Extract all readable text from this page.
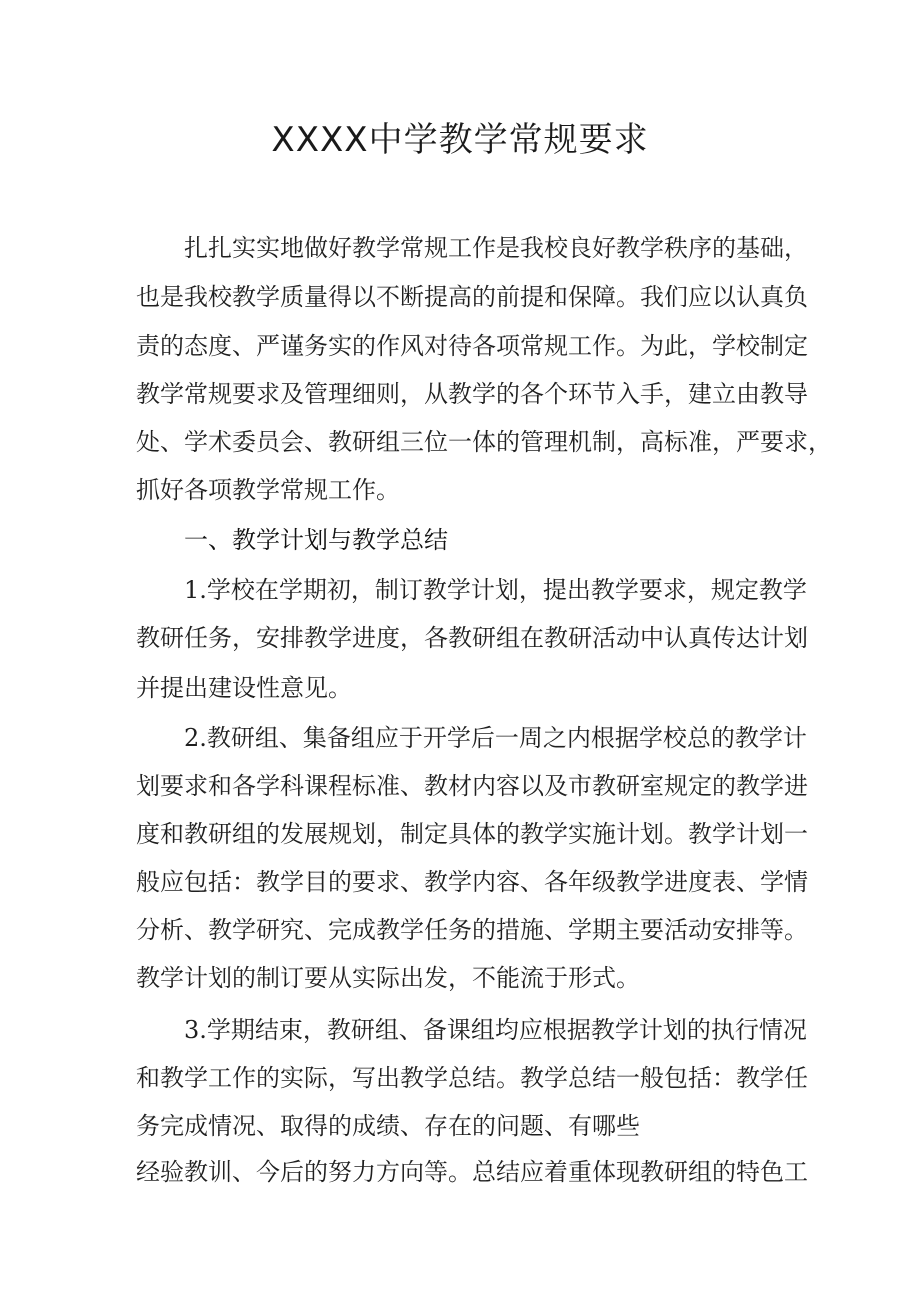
XXXX中学教学常规要求
扎扎实实地做好教学常规工作是我校良好教学秩序的基础，
也是我校教学质量得以不断提高的前提和保障。我们应以认真负
责的态度、严谨务实的作风对待各项常规工作。为此，学校制定
教学常规要求及管理细则，从教学的各个环节入手，建立由教导
处、学术委员会、教研组三位一体的管理机制，高标准，严要求，
抓好各项教学常规工作。
一、教学计划与教学总结
1.学校在学期初，制订教学计划，提出教学要求，规定教学
教研任务，安排教学进度，各教研组在教研活动中认真传达计划
并提出建设性意见。
2.教研组、集备组应于开学后一周之内根据学校总的教学计
划要求和各学科课程标准、教材内容以及市教研室规定的教学进
度和教研组的发展规划，制定具体的教学实施计划。教学计划一
般应包括：教学目的要求、教学内容、各年级教学进度表、学情
分析、教学研究、完成教学任务的措施、学期主要活动安排等。
教学计划的制订要从实际出发，不能流于形式。
3.学期结束，教研组、备课组均应根据教学计划的执行情况
和教学工作的实际，写出教学总结。教学总结一般包括：教学任
务完成情况、取得的成绩、存在的问题、有哪些
经验教训、今后的努力方向等。总结应着重体现教研组的特色工
